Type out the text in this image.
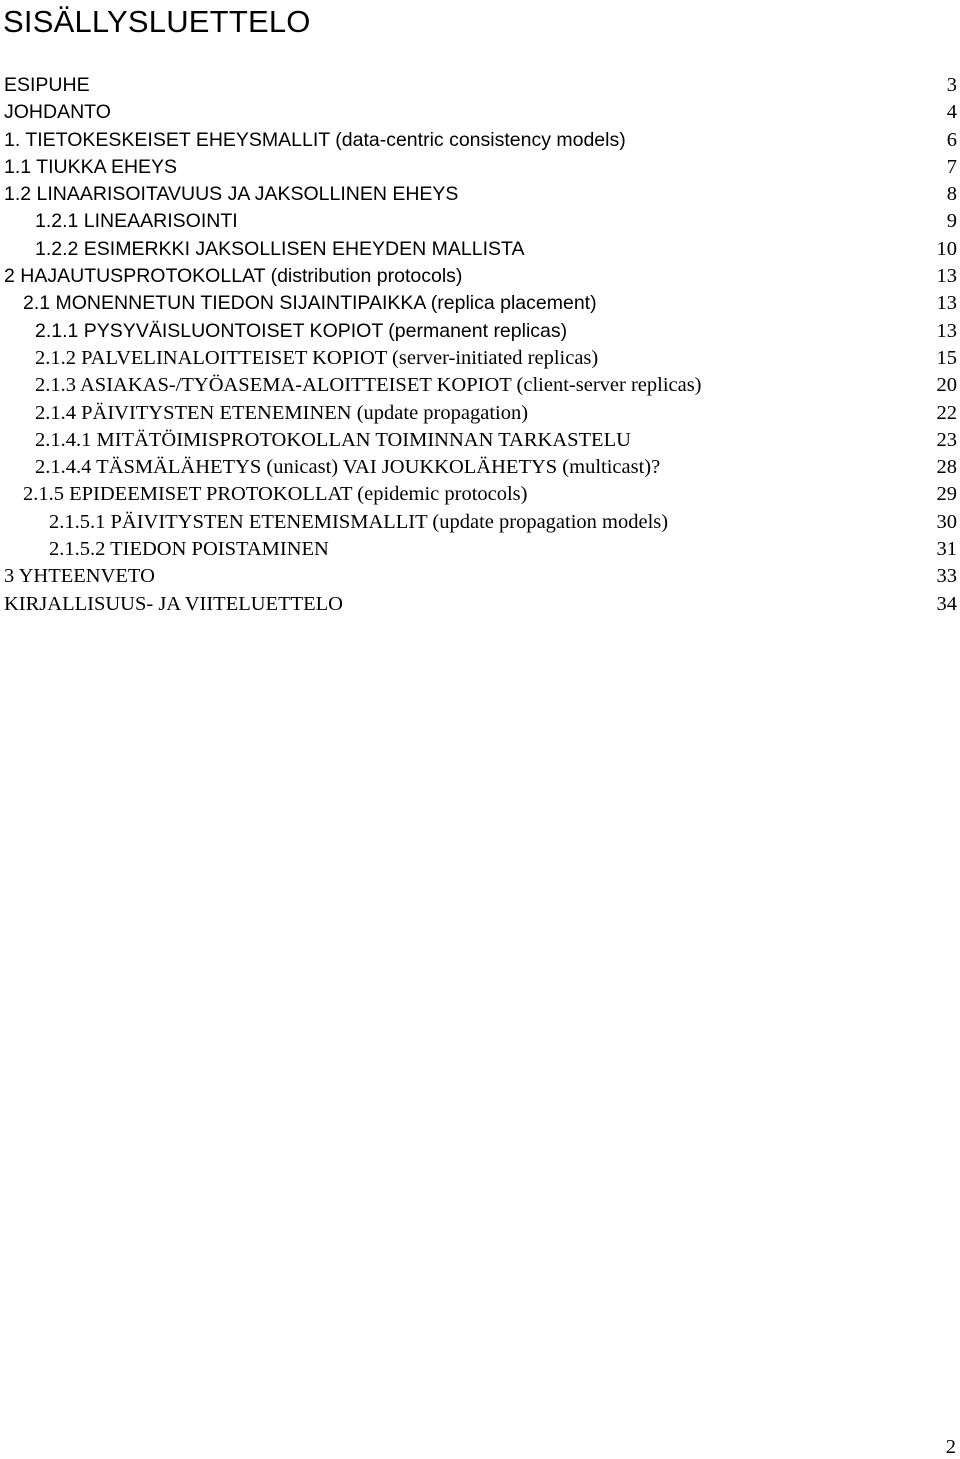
SISÄLLYSLUETTELO
ESIPUHE	3
JOHDANTO	4
1. TIETOKESKEISET EHEYSMALLIT (data-centric consistency models)	6
1.1 TIUKKA EHEYS	7
1.2 LINAARISOITAVUUS JA JAKSOLLINEN EHEYS	8
1.2.1 LINEAARISOINTI	9
1.2.2 ESIMERKKI JAKSOLLISEN EHEYDEN MALLISTA	10
2 HAJAUTUSPROTOKOLLAT (distribution protocols)	13
2.1 MONENNETUN TIEDON SIJAINTIPAIKKA (replica placement)	13
2.1.1 PYSYVÄISLUONTOISET KOPIOT (permanent replicas)	13
2.1.2 PALVELINALOITTEISET KOPIOT (server-initiated replicas)	15
2.1.3 ASIAKAS-/TYÖASEMA-ALOITTEISET KOPIOT (client-server replicas)	20
2.1.4 PÄIVITYSTEN ETENEMINEN (update propagation)	22
2.1.4.1 MITÄTÖIMISPROTOKOLLAN TOIMINNAN TARKASTELU	23
2.1.4.4 TÄSMÄLÄHETYS (unicast) VAI JOUKKOLÄHETYS (multicast)?	28
2.1.5 EPIDEEMISET PROTOKOLLAT (epidemic protocols)	29
2.1.5.1 PÄIVITYSTEN ETENEMISMALLIT (update propagation models)	30
2.1.5.2 TIEDON POISTAMINEN	31
3 YHTEENVETO	33
KIRJALLISUUS- JA VIITELUETTELO	34
2
